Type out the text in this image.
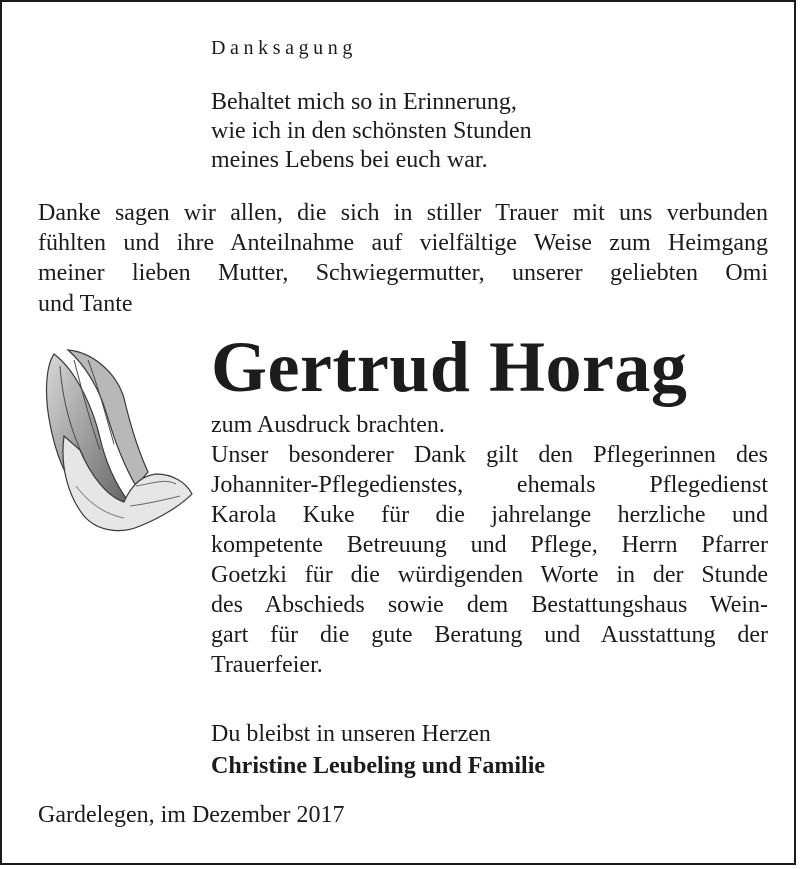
Danksagung
Behaltet mich so in Erinnerung,
wie ich in den schönsten Stunden
meines Lebens bei euch war.
Danke sagen wir allen, die sich in stiller Trauer mit uns verbunden
fühlten und ihre Anteilnahme auf vielfältige Weise zum Heimgang
meiner lieben Mutter, Schwiegermutter, unserer geliebten Omi
und Tante
Gertrud Horag
zum Ausdruck brachten.
Unser besonderer Dank gilt den Pflegerinnen des
Johanniter-Pflegedienstes, ehemals Pflegedienst
Karola Kuke für die jahrelange herzliche und
kompetente Betreuung und Pflege, Herrn Pfarrer
Goetzki für die würdigenden Worte in der Stunde
des Abschieds sowie dem Bestattungshaus Wein-
gart für die gute Beratung und Ausstattung der
Trauerfeier.
Du bleibst in unseren Herzen
Christine Leubeling und Familie
Gardelegen, im Dezember 2017
